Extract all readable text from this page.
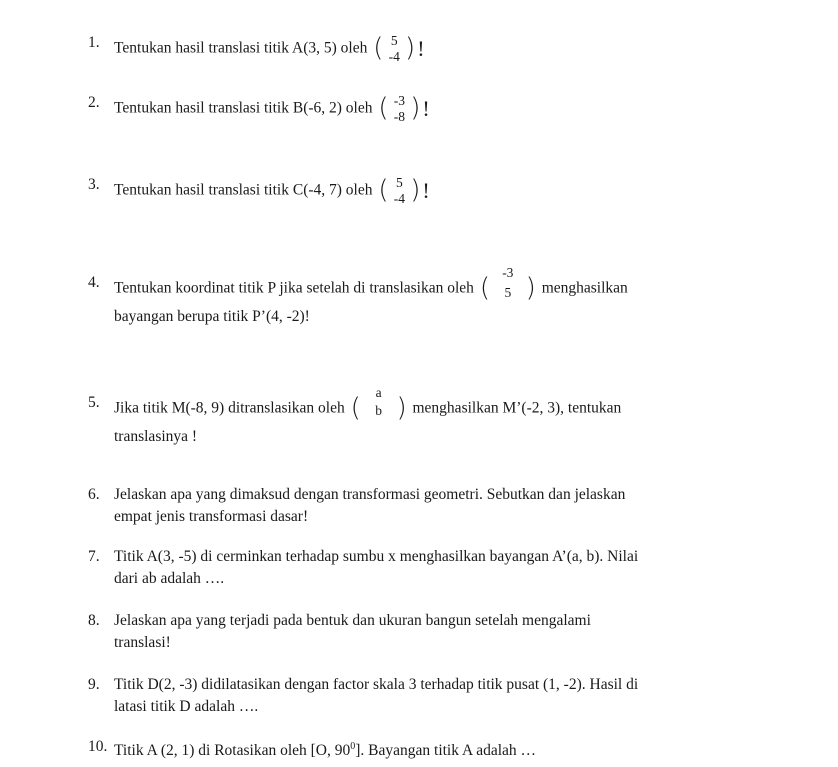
1. Tentukan hasil translasi titik A(3, 5) oleh ( 5
-4 ) !
2. Tentukan hasil translasi titik B(-6, 2) oleh ( -3
-8 ) !
3. Tentukan hasil translasi titik C(-4, 7) oleh ( 5
-4 ) !
4. Tentukan koordinat titik P jika setelah di translasikan oleh (
-3
5 ) menghasilkan
bayangan berupa titik P’(4, -2)!
5. Jika titik M(-8, 9) ditranslasikan oleh (
a
b ) menghasilkan M’(-2, 3), tentukan
translasinya !
6. Jelaskan apa yang dimaksud dengan transformasi geometri. Sebutkan dan jelaskan
empat jenis transformasi dasar!
7. Titik A(3, -5) di cerminkan terhadap sumbu x menghasilkan bayangan A’(a, b). Nilai
dari ab adalah ….
8. Jelaskan apa yang terjadi pada bentuk dan ukuran bangun setelah mengalami
translasi!
9. Titik D(2, -3) didilatasikan dengan factor skala 3 terhadap titik pusat (1, -2). Hasil di
latasi titik D adalah ….
10. Titik A (2, 1) di Rotasikan oleh [O, $90^0$]. Bayangan titik A adalah …
